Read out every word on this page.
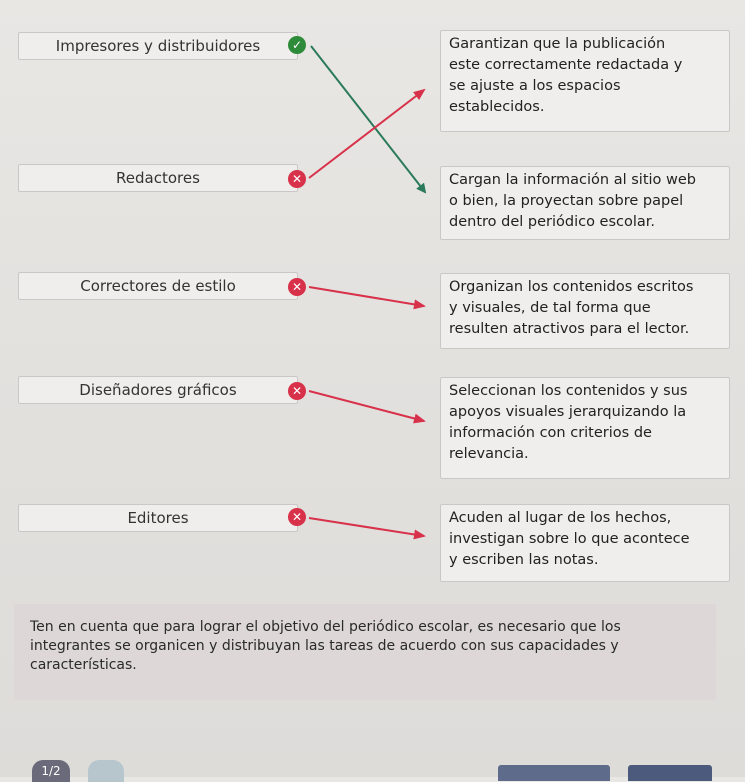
Impresores y distribuidores	✓
Redactores	✕
Correctores de estilo	✕
Diseñadores gráficos	✕
Editores	✕
Garantizan que la publicación
este correctamente redactada y
se ajuste a los espacios
establecidos.
Cargan la información al sitio web
o bien, la proyectan sobre papel
dentro del periódico escolar.
Organizan los contenidos escritos
y visuales, de tal forma que
resulten atractivos para el lector.
Seleccionan los contenidos y sus
apoyos visuales jerarquizando la
información con criterios de
relevancia.
Acuden al lugar de los hechos,
investigan sobre lo que acontece
y escriben las notas.
Ten en cuenta que para lograr el objetivo del periódico escolar, es necesario que los integrantes se organicen y distribuyan las tareas de acuerdo con sus capacidades y características.
1/2
